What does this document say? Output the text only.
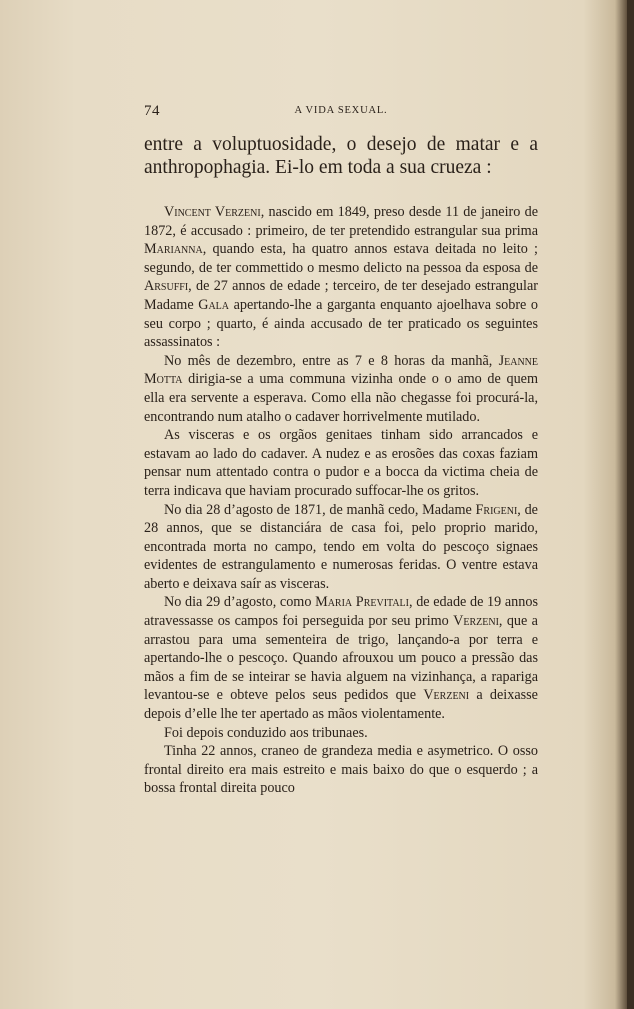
74	A VIDA SEXUAL.

entre a voluptuosidade, o desejo de matar e a anthropophagia. Ei-lo em toda a sua crueza :

Vincent Verzeni, nascido em 1849, preso desde 11 de janeiro de 1872, é accusado : primeiro, de ter pretendido estrangular sua prima Marianna, quando esta, ha quatro annos estava deitada no leito ; segundo, de ter commettido o mesmo delicto na pessoa da esposa de Arsuffi, de 27 annos de edade ; terceiro, de ter desejado estrangular Madame Gala apertando-lhe a garganta enquanto ajoelhava sobre o seu corpo ; quarto, é ainda accusado de ter praticado os seguintes assassinatos :

No mês de dezembro, entre as 7 e 8 horas da manhã, Jeanne Motta dirigia-se a uma communa vizinha onde o o amo de quem ella era servente a esperava. Como ella não chegasse foi procurá-la, encontrando num atalho o cadaver horrivelmente mutilado.

As visceras e os orgãos genitaes tinham sido arrancados e estavam ao lado do cadaver. A nudez e as erosões das coxas faziam pensar num attentado contra o pudor e a bocca da victima cheia de terra indicava que haviam procurado suffocar-lhe os gritos.

No dia 28 d’agosto de 1871, de manhã cedo, Madame Frigeni, de 28 annos, que se distanciára de casa foi, pelo proprio marido, encontrada morta no campo, tendo em volta do pescoço signaes evidentes de estrangulamento e numerosas feridas. O ventre estava aberto e deixava saír as visceras.

No dia 29 d’agosto, como Maria Previtali, de edade de 19 annos atravessasse os campos foi perseguida por seu primo Verzeni, que a arrastou para uma sementeira de trigo, lançando-a por terra e apertando-lhe o pescoço. Quando afrouxou um pouco a pressão das mãos a fim de se inteirar se havia alguem na vizinhança, a rapariga levantou-se e obteve pelos seus pedidos que Verzeni a deixasse depois d’elle lhe ter apertado as mãos violentamente.

Foi depois conduzido aos tribunaes.

Tinha 22 annos, craneo de grandeza media e asymetrico. O osso frontal direito era mais estreito e mais baixo do que o esquerdo ; a bossa frontal direita pouco
